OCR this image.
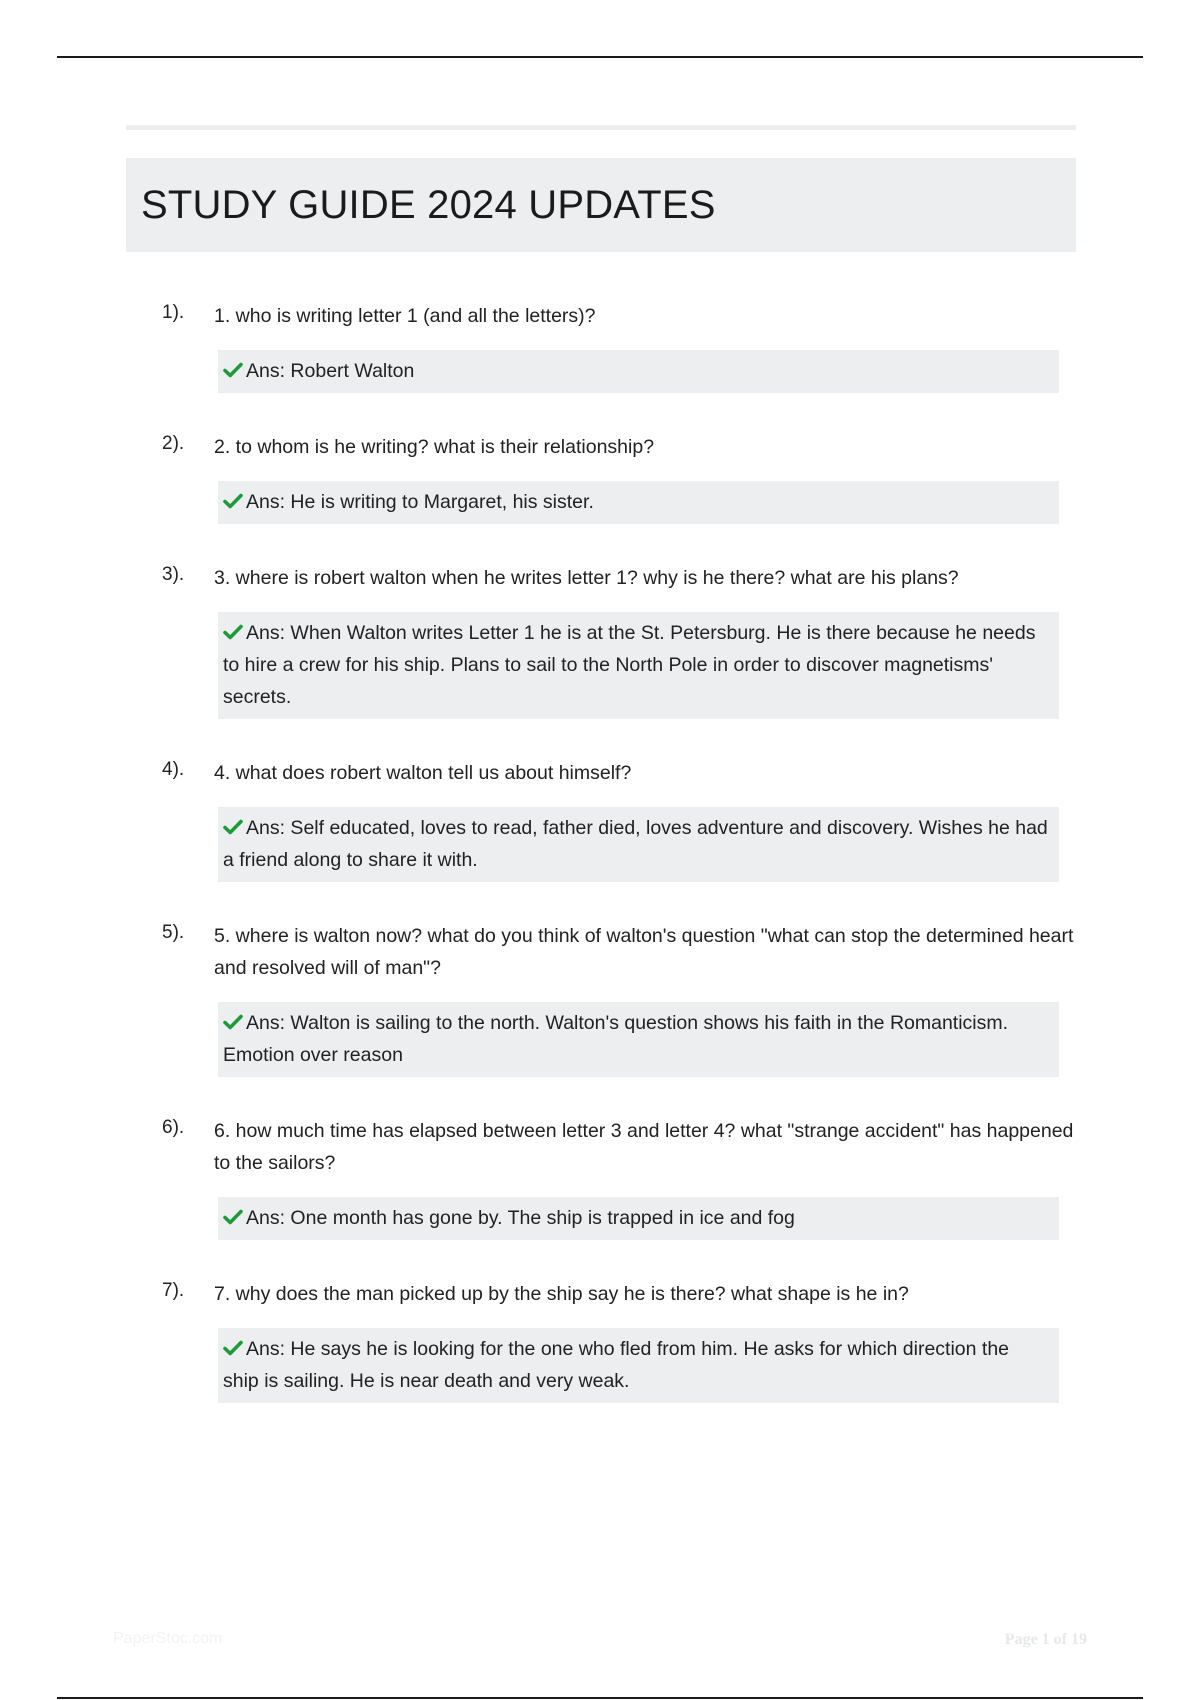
STUDY GUIDE 2024 UPDATES
1). 1. who is writing letter 1 (and all the letters)?
Ans: Robert Walton
2). 2. to whom is he writing? what is their relationship?
Ans: He is writing to Margaret, his sister.
3). 3. where is robert walton when he writes letter 1? why is he there? what are his plans?
Ans: When Walton writes Letter 1 he is at the St. Petersburg. He is there because he needs to hire a crew for his ship. Plans to sail to the North Pole in order to discover magnetisms' secrets.
4). 4. what does robert walton tell us about himself?
Ans: Self educated, loves to read, father died, loves adventure and discovery. Wishes he had a friend along to share it with.
5). 5. where is walton now? what do you think of walton's question "what can stop the determined heart and resolved will of man"?
Ans: Walton is sailing to the north. Walton's question shows his faith in the Romanticism. Emotion over reason
6). 6. how much time has elapsed between letter 3 and letter 4? what "strange accident" has happened to the sailors?
Ans: One month has gone by. The ship is trapped in ice and fog
7). 7. why does the man picked up by the ship say he is there? what shape is he in?
Ans: He says he is looking for the one who fled from him. He asks for which direction the ship is sailing. He is near death and very weak.
PaperStoc.com	Page 1 of 19
